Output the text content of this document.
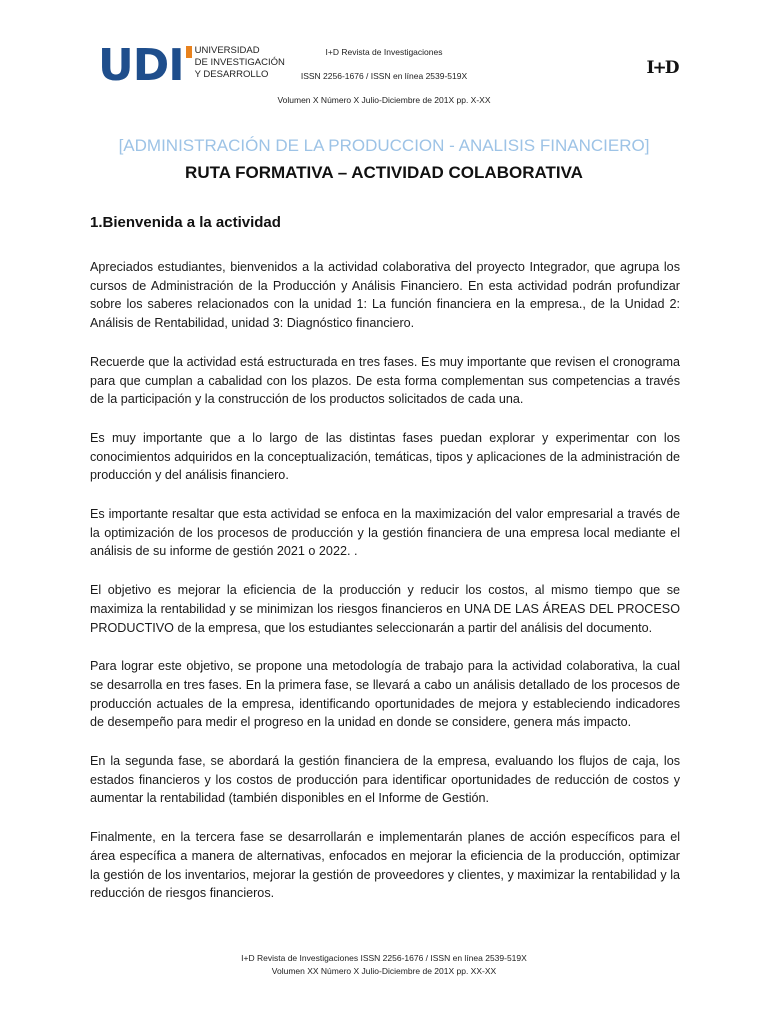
UDI UNIVERSIDAD
DE INVESTIGACIÓN
Y DESARROLLO
I+D Revista de Investigaciones
ISSN 2256-1676 / ISSN en línea 2539-519X
Volumen X Número X Julio-Diciembre de 201X pp. X-XX
I+D
[ADMINISTRACIÓN DE LA PRODUCCION - ANALISIS FINANCIERO]
RUTA FORMATIVA – ACTIVIDAD COLABORATIVA
1.Bienvenida a la actividad

Apreciados estudiantes, bienvenidos a la actividad colaborativa del proyecto Integrador, que agrupa los cursos de Administración de la Producción y Análisis Financiero. En esta actividad podrán profundizar sobre los saberes relacionados con la unidad 1: La función financiera en la empresa., de la Unidad 2: Análisis de Rentabilidad, unidad 3: Diagnóstico financiero.

Recuerde que la actividad está estructurada en tres fases. Es muy importante que revisen el cronograma para que cumplan a cabalidad con los plazos. De esta forma complementan sus competencias a través de la participación y la construcción de los productos solicitados de cada una.

Es muy importante que a lo largo de las distintas fases puedan explorar y experimentar con los conocimientos adquiridos en la conceptualización, temáticas, tipos y aplicaciones de la administración de producción y del análisis financiero.

Es importante resaltar que esta actividad se enfoca en la maximización del valor empresarial a través de la optimización de los procesos de producción y la gestión financiera de una empresa local mediante el análisis de su informe de gestión 2021 o 2022. .

El objetivo es mejorar la eficiencia de la producción y reducir los costos, al mismo tiempo que se maximiza la rentabilidad y se minimizan los riesgos financieros en UNA DE LAS ÁREAS DEL PROCESO PRODUCTIVO de la empresa, que los estudiantes seleccionarán a partir del análisis del documento.

Para lograr este objetivo, se propone una metodología de trabajo para la actividad colaborativa, la cual se desarrolla en tres fases. En la primera fase, se llevará a cabo un análisis detallado de los procesos de producción actuales de la empresa, identificando oportunidades de mejora y estableciendo indicadores de desempeño para medir el progreso en la unidad en donde se considere, genera más impacto.

En la segunda fase, se abordará la gestión financiera de la empresa, evaluando los flujos de caja, los estados financieros y los costos de producción para identificar oportunidades de reducción de costos y aumentar la rentabilidad (también disponibles en el Informe de Gestión.

Finalmente, en la tercera fase se desarrollarán e implementarán planes de acción específicos para el área específica a manera de alternativas, enfocados en mejorar la eficiencia de la producción, optimizar la gestión de los inventarios, mejorar la gestión de proveedores y clientes, y maximizar la rentabilidad y la reducción de riesgos financieros.

I+D Revista de Investigaciones ISSN 2256-1676 / ISSN en línea 2539-519X
Volumen XX Número X Julio-Diciembre de 201X pp. XX-XX
